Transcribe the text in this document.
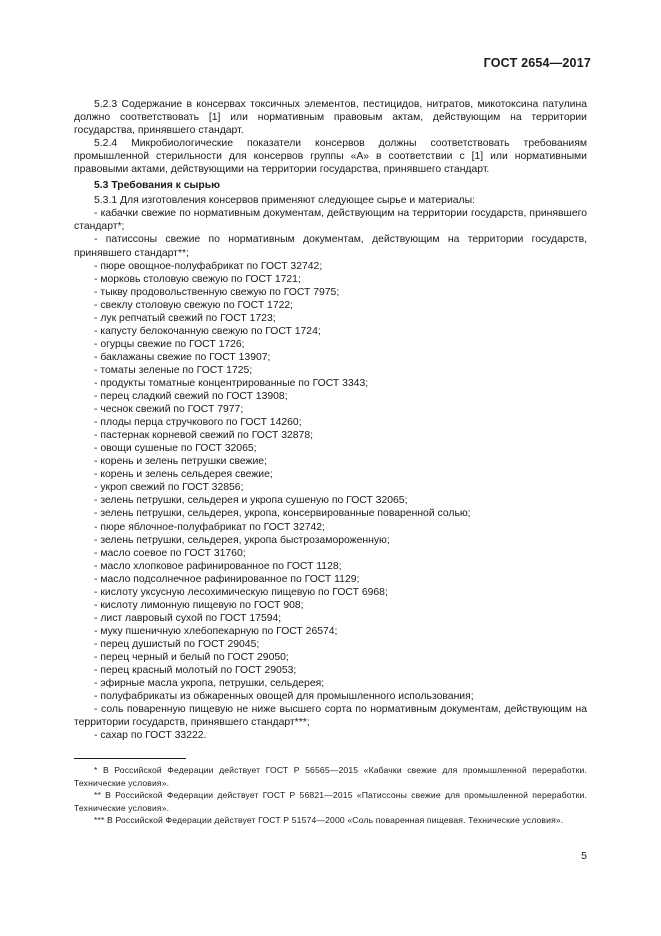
ГОСТ 2654—2017

5.2.3 Содержание в консервах токсичных элементов, пестицидов, нитратов, микотоксина патулина должно соответствовать [1] или нормативным правовым актам, действующим на территории государства, принявшего стандарт.

5.2.4 Микробиологические показатели консервов должны соответствовать требованиям промышленной стерильности для консервов группы «А» в соответствии с [1] или нормативными правовыми актами, действующими на территории государства, принявшего стандарт.

5.3 Требования к сырью

5.3.1 Для изготовления консервов применяют следующее сырье и материалы:

- кабачки свежие по нормативным документам, действующим на территории государств, принявшего стандарт*;
- патиссоны свежие по нормативным документам, действующим на территории государств, принявшего стандарт**;
- пюре овощное-полуфабрикат по ГОСТ 32742;
- морковь столовую свежую по ГОСТ 1721;
- тыкву продовольственную свежую по ГОСТ 7975;
- свеклу столовую свежую по ГОСТ 1722;
- лук репчатый свежий по ГОСТ 1723;
- капусту белокочанную свежую по ГОСТ 1724;
- огурцы свежие по ГОСТ 1726;
- баклажаны свежие по ГОСТ 13907;
- томаты зеленые по ГОСТ 1725;
- продукты томатные концентрированные по ГОСТ 3343;
- перец сладкий свежий по ГОСТ 13908;
- чеснок свежий по ГОСТ 7977;
- плоды перца стручкового по ГОСТ 14260;
- пастернак корневой свежий по ГОСТ 32878;
- овощи сушеные по ГОСТ 32065;
- корень и зелень петрушки свежие;
- корень и зелень сельдерея свежие;
- укроп свежий по ГОСТ 32856;
- зелень петрушки, сельдерея и укропа сушеную по ГОСТ 32065;
- зелень петрушки, сельдерея, укропа, консервированные поваренной солью;
- пюре яблочное-полуфабрикат по ГОСТ 32742;
- зелень петрушки, сельдерея, укропа быстрозамороженную;
- масло соевое по ГОСТ 31760;
- масло хлопковое рафинированное по ГОСТ 1128;
- масло подсолнечное рафинированное по ГОСТ 1129;
- кислоту уксусную лесохимическую пищевую по ГОСТ 6968;
- кислоту лимонную пищевую по ГОСТ 908;
- лист лавровый сухой по ГОСТ 17594;
- муку пшеничную хлебопекарную по ГОСТ 26574;
- перец душистый по ГОСТ 29045;
- перец черный и белый по ГОСТ 29050;
- перец красный молотый по ГОСТ 29053;
- эфирные масла укропа, петрушки, сельдерея;
- полуфабрикаты из обжаренных овощей для промышленного использования;
- соль поваренную пищевую не ниже высшего сорта по нормативным документам, действующим на территории государств, принявшего стандарт***;
- сахар по ГОСТ 33222.

* В Российской Федерации действует ГОСТ Р 56565—2015 «Кабачки свежие для промышленной переработки. Технические условия».

** В Российской Федерации действует ГОСТ Р 56821—2015 «Патиссоны свежие для промышленной переработки. Технические условия».

*** В Российской Федерации действует ГОСТ Р 51574—2000 «Соль поваренная пищевая. Технические условия».

5
